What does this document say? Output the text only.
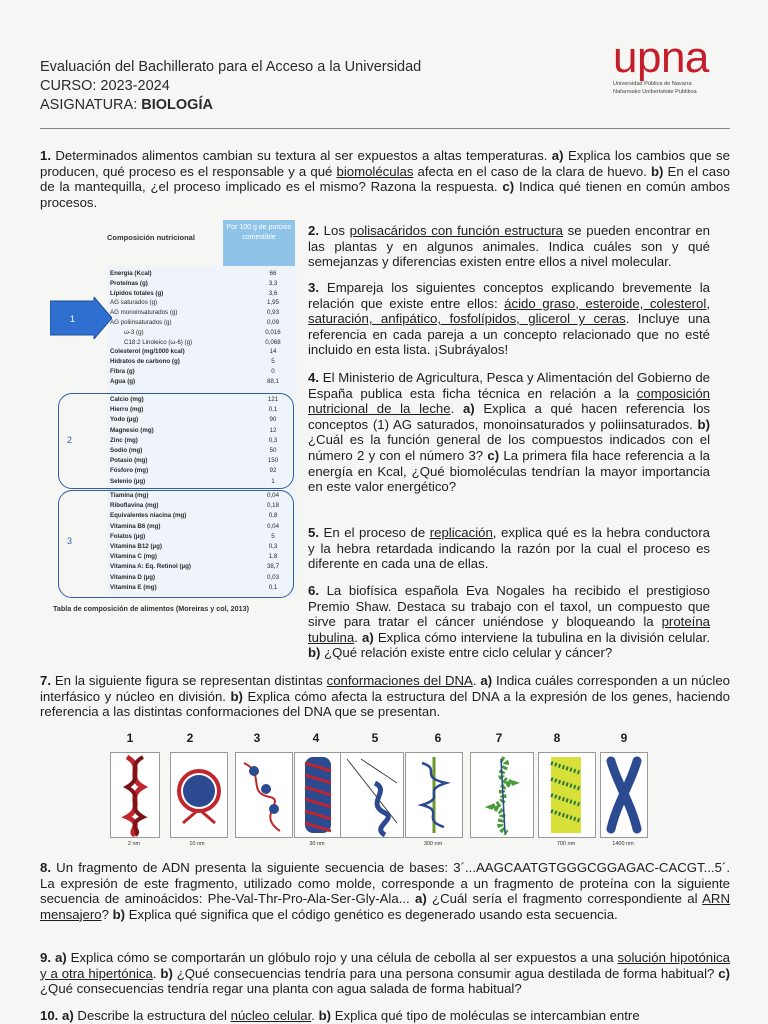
Evaluación del Bachillerato para el Acceso a la Universidad
CURSO: 2023-2024
ASIGNATURA: BIOLOGÍA
upna
Universidad Pública de Navarra
Nafarroako Unibertsitate Publikoa
1. Determinados alimentos cambian su textura al ser expuestos a altas temperaturas. a) Explica los cambios que se producen, qué proceso es el responsable y a qué biomoléculas afecta en el caso de la clara de huevo. b) En el caso de la mantequilla, ¿el proceso implicado es el mismo? Razona la respuesta. c) Indica qué tienen en común ambos procesos.
Composición nutricional
Por 100 g de porción comestible
Energía (Kcal)	66
Proteínas (g)	3,3
Lípidos totales (g)	3,6
AG saturados (g)	1,95
AG monoinsaturados (g)	0,93
AG poliinsaturados (g)	0,09
ω-3 (g)	0,016
C18:2 Linoleico (ω-6) (g)	0,068
Colesterol (mg/1000 kcal)	14
Hidratos de carbono (g)	5
Fibra (g)	0
Agua (g)	88,1
Calcio (mg)	121
Hierro (mg)	0,1
Yodo (µg)	90
Magnesio (mg)	12
Zinc (mg)	0,3
Sodio (mg)	50
Potasio (mg)	150
Fósforo (mg)	92
Selenio (µg)	1
Tiamina (mg)	0,04
Riboflavina (mg)	0,18
Equivalentes niacina (mg)	0,8
Vitamina B6 (mg)	0,04
Folatos (µg)	5
Vitamina B12 (µg)	0,3
Vitamina C (mg)	1,8
Vitamina A: Eq. Retinol (µg)	38,7
Vitamina D (µg)	0,03
Vitamina E (mg)	0,1
1
2
3
Tabla de composición de alimentos (Moreiras y col, 2013)
2. Los polisacáridos con función estructura se pueden encontrar en las plantas y en algunos animales. Indica cuáles son y qué semejanzas y diferencias existen entre ellos a nivel molecular.
3. Empareja los siguientes conceptos explicando brevemente la relación que existe entre ellos: ácido graso, esteroide, colesterol, saturación, anfipático, fosfolípidos, glicerol y ceras. Incluye una referencia en cada pareja a un concepto relacionado que no esté incluido en esta lista. ¡Subráyalos!
4. El Ministerio de Agricultura, Pesca y Alimentación del Gobierno de España publica esta ficha técnica en relación a la composición nutricional de la leche. a) Explica a qué hacen referencia los conceptos (1) AG saturados, monoinsaturados y poliinsaturados. b) ¿Cuál es la función general de los compuestos indicados con el número 2 y con el número 3? c) La primera fila hace referencia a la energía en Kcal, ¿Qué biomoléculas tendrían la mayor importancia en este valor energético?
5. En el proceso de replicación, explica qué es la hebra conductora y la hebra retardada indicando la razón por la cual el proceso es diferente en cada una de ellas.
6. La biofísica española Eva Nogales ha recibido el prestigioso Premio Shaw. Destaca su trabajo con el taxol, un compuesto que sirve para tratar el cáncer uniéndose y bloqueando la proteína tubulina. a) Explica cómo interviene la tubulina en la división celular. b) ¿Qué relación existe entre ciclo celular y cáncer?
7. En la siguiente figura se representan distintas conformaciones del DNA. a) Indica cuáles corresponden a un núcleo interfásico y núcleo en división. b) Explica cómo afecta la estructura del DNA a la expresión de los genes, haciendo referencia a las distintas conformaciones del DNA que se presentan.
1	2	3	4	5	6	7	8	9
2 nm	10 nm	30 nm	300 nm	700 nm	1400 nm
8. Un fragmento de ADN presenta la siguiente secuencia de bases: 3´...AAGCAATGTGGGCGGAGAC-CACGT...5´. La expresión de este fragmento, utilizado como molde, corresponde a un fragmento de proteína con la siguiente secuencia de aminoácidos: Phe-Val-Thr-Pro-Ala-Ser-Gly-Ala... a) ¿Cuál sería el fragmento correspondiente al ARN mensajero? b) Explica qué significa que el código genético es degenerado usando esta secuencia.
9. a) Explica cómo se comportarán un glóbulo rojo y una célula de cebolla al ser expuestos a una solución hipotónica y a otra hipertónica. b) ¿Qué consecuencias tendría para una persona consumir agua destilada de forma habitual? c) ¿Qué consecuencias tendría regar una planta con agua salada de forma habitual?
10. a) Describe la estructura del núcleo celular. b) Explica qué tipo de moléculas se intercambian entre
